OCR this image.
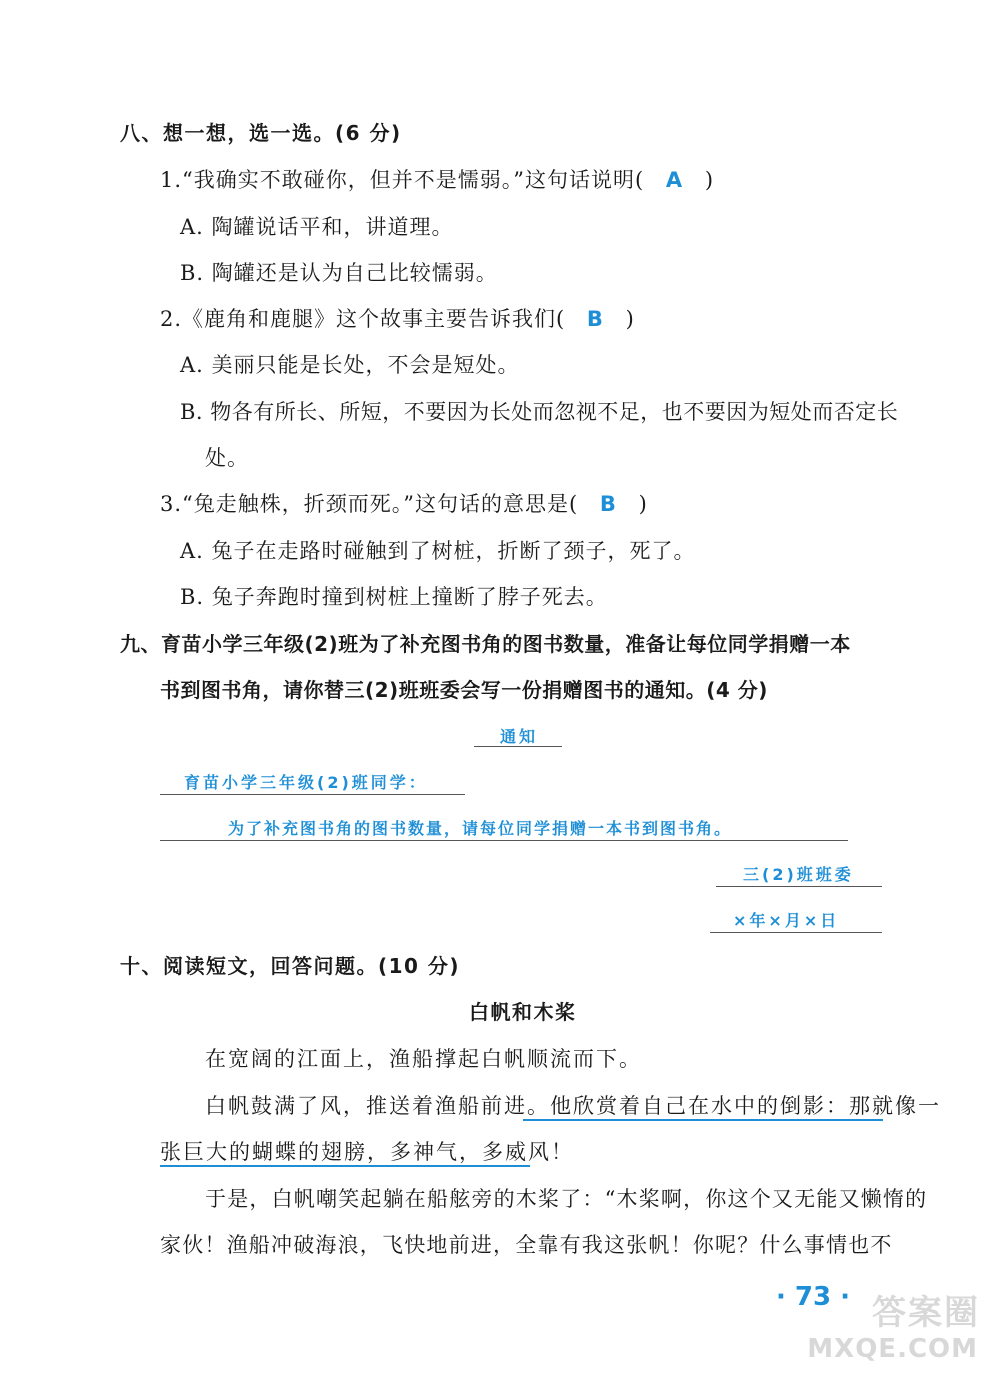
八、想一想，选一选。(6 分)
1.“我确实不敢碰你，但并不是懦弱。”这句话说明( A )
A. 陶罐说话平和，讲道理。
B. 陶罐还是认为自己比较懦弱。
2.《鹿角和鹿腿》这个故事主要告诉我们( B )
A. 美丽只能是长处，不会是短处。
B. 物各有所长、所短，不要因为长处而忽视不足，也不要因为短处而否定长
处。
3.“兔走触株，折颈而死。”这句话的意思是( B )
A. 兔子在走路时碰触到了树桩，折断了颈子，死了。
B. 兔子奔跑时撞到树桩上撞断了脖子死去。
九、育苗小学三年级(2)班为了补充图书角的图书数量，准备让每位同学捐赠一本
书到图书角，请你替三(2)班班委会写一份捐赠图书的通知。(4 分)
通知
育苗小学三年级(2)班同学：
为了补充图书角的图书数量，请每位同学捐赠一本书到图书角。
三(2)班班委
×年×月×日
十、阅读短文，回答问题。(10 分)
白帆和木桨
在宽阔的江面上，渔船撑起白帆顺流而下。
白帆鼓满了风，推送着渔船前进。他欣赏着自己在水中的倒影：那就像一
张巨大的蝴蝶的翅膀，多神气，多威风！
于是，白帆嘲笑起躺在船舷旁的木桨了：“木桨啊，你这个又无能又懒惰的
家伙！渔船冲破海浪，飞快地前进，全靠有我这张帆！你呢？什么事情也不
· 73 · 答案圈
MXQE.COM
